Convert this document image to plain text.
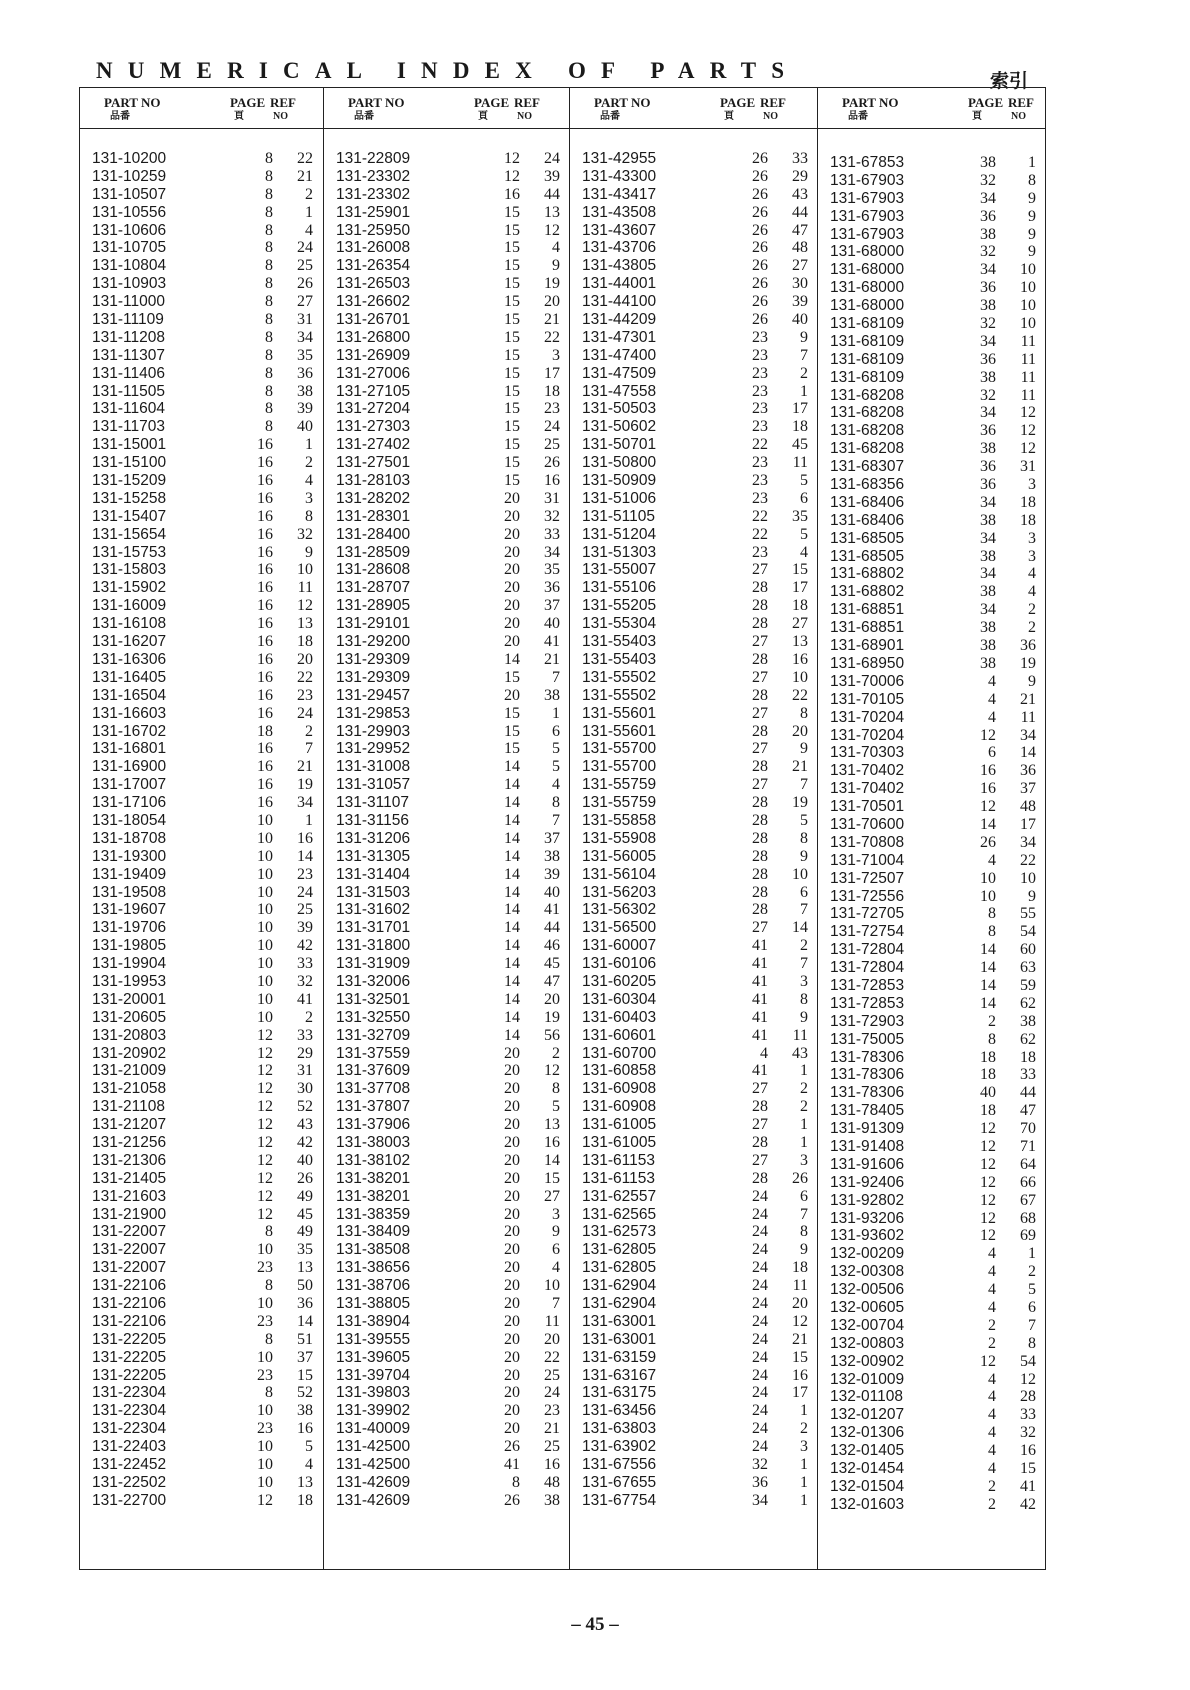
NUMERICAL INDEX OF PARTS	索引
PART NO
品番
PAGE
頁
REF
NO
131-10200	8 22
131-10259	8 21
131-10507	8 2
131-10556	8 1
131-10606	8 4
131-10705	8 24
131-10804	8 25
131-10903	8 26
131-11000	8 27
131-11109	8 31
131-11208	8 34
131-11307	8 35
131-11406	8 36
131-11505	8 38
131-11604	8 39
131-11703	8 40
131-15001	16 1
131-15100	16 2
131-15209	16 4
131-15258	16 3
131-15407	16 8
131-15654	16 32
131-15753	16 9
131-15803	16 10
131-15902	16 11
131-16009	16 12
131-16108	16 13
131-16207	16 18
131-16306	16 20
131-16405	16 22
131-16504	16 23
131-16603	16 24
131-16702	18 2
131-16801	16 7
131-16900	16 21
131-17007	16 19
131-17106	16 34
131-18054	10 1
131-18708	10 16
131-19300	10 14
131-19409	10 23
131-19508	10 24
131-19607	10 25
131-19706	10 39
131-19805	10 42
131-19904	10 33
131-19953	10 32
131-20001	10 41
131-20605	10 2
131-20803	12 33
131-20902	12 29
131-21009	12 31
131-21058	12 30
131-21108	12 52
131-21207	12 43
131-21256	12 42
131-21306	12 40
131-21405	12 26
131-21603	12 49
131-21900	12 45
131-22007	8 49
131-22007	10 35
131-22007	23 13
131-22106	8 50
131-22106	10 36
131-22106	23 14
131-22205	8 51
131-22205	10 37
131-22205	23 15
131-22304	8 52
131-22304	10 38
131-22304	23 16
131-22403	10 5
131-22452	10 4
131-22502	10 13
131-22700	12 18
PART NO
品番
PAGE
頁
REF
NO
131-22809	12 24
131-23302	12 39
131-23302	16 44
131-25901	15 13
131-25950	15 12
131-26008	15 4
131-26354	15 9
131-26503	15 19
131-26602	15 20
131-26701	15 21
131-26800	15 22
131-26909	15 3
131-27006	15 17
131-27105	15 18
131-27204	15 23
131-27303	15 24
131-27402	15 25
131-27501	15 26
131-28103	15 16
131-28202	20 31
131-28301	20 32
131-28400	20 33
131-28509	20 34
131-28608	20 35
131-28707	20 36
131-28905	20 37
131-29101	20 40
131-29200	20 41
131-29309	14 21
131-29309	15 7
131-29457	20 38
131-29853	15 1
131-29903	15 6
131-29952	15 5
131-31008	14 5
131-31057	14 4
131-31107	14 8
131-31156	14 7
131-31206	14 37
131-31305	14 38
131-31404	14 39
131-31503	14 40
131-31602	14 41
131-31701	14 44
131-31800	14 46
131-31909	14 45
131-32006	14 47
131-32501	14 20
131-32550	14 19
131-32709	14 56
131-37559	20 2
131-37609	20 12
131-37708	20 8
131-37807	20 5
131-37906	20 13
131-38003	20 16
131-38102	20 14
131-38201	20 15
131-38201	20 27
131-38359	20 3
131-38409	20 9
131-38508	20 6
131-38656	20 4
131-38706	20 10
131-38805	20 7
131-38904	20 11
131-39555	20 20
131-39605	20 22
131-39704	20 25
131-39803	20 24
131-39902	20 23
131-40009	20 21
131-42500	26 25
131-42500	41 16
131-42609	8 48
131-42609	26 38
PART NO
品番
PAGE
頁
REF
NO
131-42955	26 33
131-43300	26 29
131-43417	26 43
131-43508	26 44
131-43607	26 47
131-43706	26 48
131-43805	26 27
131-44001	26 30
131-44100	26 39
131-44209	26 40
131-47301	23 9
131-47400	23 7
131-47509	23 2
131-47558	23 1
131-50503	23 17
131-50602	23 18
131-50701	22 45
131-50800	23 11
131-50909	23 5
131-51006	23 6
131-51105	22 35
131-51204	22 5
131-51303	23 4
131-55007	27 15
131-55106	28 17
131-55205	28 18
131-55304	28 27
131-55403	27 13
131-55403	28 16
131-55502	27 10
131-55502	28 22
131-55601	27 8
131-55601	28 20
131-55700	27 9
131-55700	28 21
131-55759	27 7
131-55759	28 19
131-55858	28 5
131-55908	28 8
131-56005	28 9
131-56104	28 10
131-56203	28 6
131-56302	28 7
131-56500	27 14
131-60007	41 2
131-60106	41 7
131-60205	41 3
131-60304	41 8
131-60403	41 9
131-60601	41 11
131-60700	4 43
131-60858	41 1
131-60908	27 2
131-60908	28 2
131-61005	27 1
131-61005	28 1
131-61153	27 3
131-61153	28 26
131-62557	24 6
131-62565	24 7
131-62573	24 8
131-62805	24 9
131-62805	24 18
131-62904	24 11
131-62904	24 20
131-63001	24 12
131-63001	24 21
131-63159	24 15
131-63167	24 16
131-63175	24 17
131-63456	24 1
131-63803	24 2
131-63902	24 3
131-67556	32 1
131-67655	36 1
131-67754	34 1
PART NO
品番
PAGE
頁
REF
NO
131-67853	38 1
131-67903	32 8
131-67903	34 9
131-67903	36 9
131-67903	38 9
131-68000	32 9
131-68000	34 10
131-68000	36 10
131-68000	38 10
131-68109	32 10
131-68109	34 11
131-68109	36 11
131-68109	38 11
131-68208	32 11
131-68208	34 12
131-68208	36 12
131-68208	38 12
131-68307	36 31
131-68356	36 3
131-68406	34 18
131-68406	38 18
131-68505	34 3
131-68505	38 3
131-68802	34 4
131-68802	38 4
131-68851	34 2
131-68851	38 2
131-68901	38 36
131-68950	38 19
131-70006	4 9
131-70105	4 21
131-70204	4 11
131-70204	12 34
131-70303	6 14
131-70402	16 36
131-70402	16 37
131-70501	12 48
131-70600	14 17
131-70808	26 34
131-71004	4 22
131-72507	10 10
131-72556	10 9
131-72705	8 55
131-72754	8 54
131-72804	14 60
131-72804	14 63
131-72853	14 59
131-72853	14 62
131-72903	2 38
131-75005	8 62
131-78306	18 18
131-78306	18 33
131-78306	40 44
131-78405	18 47
131-91309	12 70
131-91408	12 71
131-91606	12 64
131-92406	12 66
131-92802	12 67
131-93206	12 68
131-93602	12 69
132-00209	4 1
132-00308	4 2
132-00506	4 5
132-00605	4 6
132-00704	2 7
132-00803	2 8
132-00902	12 54
132-01009	4 12
132-01108	4 28
132-01207	4 33
132-01306	4 32
132-01405	4 16
132-01454	4 15
132-01504	2 41
132-01603	2 42
– 45 –
